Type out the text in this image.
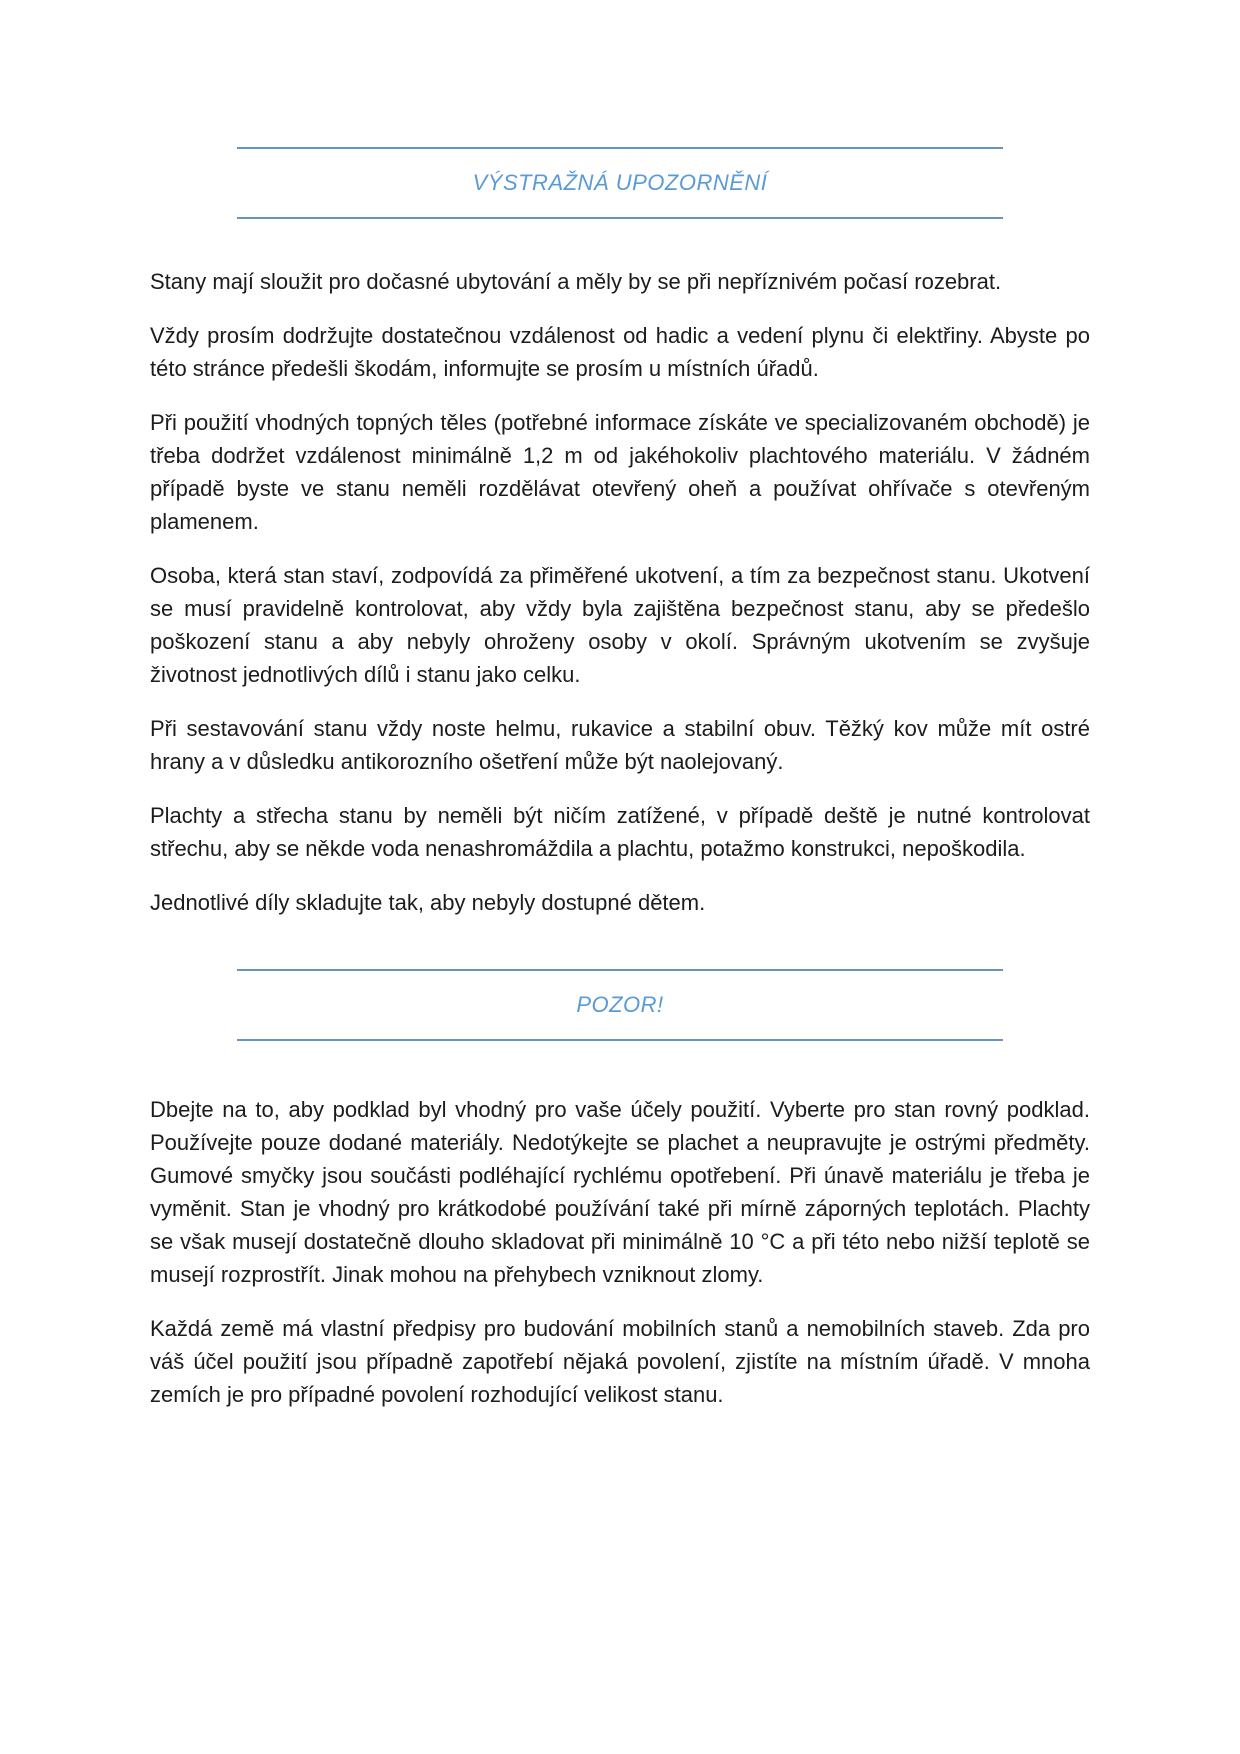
VÝSTRAŽNÁ UPOZORNĚNÍ

Stany mají sloužit pro dočasné ubytování a měly by se při nepříznivém počasí rozebrat.

Vždy prosím dodržujte dostatečnou vzdálenost od hadic a vedení plynu či elektřiny. Abyste po této stránce předešli škodám, informujte se prosím u místních úřadů.

Při použití vhodných topných těles (potřebné informace získáte ve specializovaném obchodě) je třeba dodržet vzdálenost minimálně 1,2 m od jakéhokoliv plachtového materiálu. V žádném případě byste ve stanu neměli rozdělávat otevřený oheň a používat ohřívače s otevřeným plamenem.

Osoba, která stan staví, zodpovídá za přiměřené ukotvení, a tím za bezpečnost stanu. Ukotvení se musí pravidelně kontrolovat, aby vždy byla zajištěna bezpečnost stanu, aby se předešlo poškození stanu a aby nebyly ohroženy osoby v okolí. Správným ukotvením se zvyšuje životnost jednotlivých dílů i stanu jako celku.

Při sestavování stanu vždy noste helmu, rukavice a stabilní obuv. Těžký kov může mít ostré hrany a v důsledku antikorozního ošetření může být naolejovaný.

Plachty a střecha stanu by neměli být ničím zatížené, v případě deště je nutné kontrolovat střechu, aby se někde voda nenashromáždila a plachtu, potažmo konstrukci, nepoškodila.

Jednotlivé díly skladujte tak, aby nebyly dostupné dětem.

POZOR!

Dbejte na to, aby podklad byl vhodný pro vaše účely použití. Vyberte pro stan rovný podklad. Používejte pouze dodané materiály. Nedotýkejte se plachet a neupravujte je ostrými předměty. Gumové smyčky jsou součásti podléhající rychlému opotřebení. Při únavě materiálu je třeba je vyměnit. Stan je vhodný pro krátkodobé používání také při mírně záporných teplotách. Plachty se však musejí dostatečně dlouho skladovat při minimálně 10 °C a při této nebo nižší teplotě se musejí rozprostřít. Jinak mohou na přehybech vzniknout zlomy.

Každá země má vlastní předpisy pro budování mobilních stanů a nemobilních staveb. Zda pro váš účel použití jsou případně zapotřebí nějaká povolení, zjistíte na místním úřadě. V mnoha zemích je pro případné povolení rozhodující velikost stanu.
